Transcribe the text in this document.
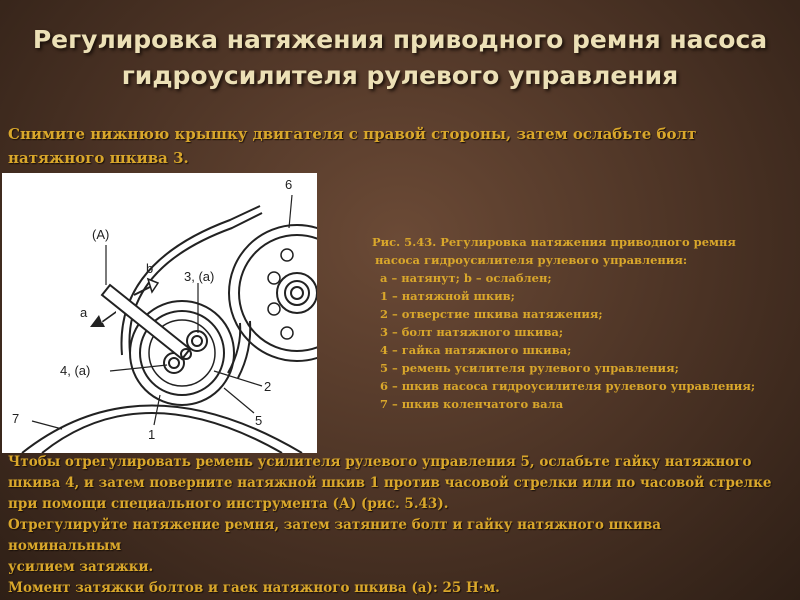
Регулировка натяжения приводного ремня насоса
гидроусилителя рулевого управления
Снимите нижнюю крышку двигателя с правой стороны, затем ослабьте болт
натяжного шкива 3.
(A)
b
a
3, (a)
4, (a)
6
2
5
1
7
Рис. 5.43. Регулировка натяжения приводного ремня
насоса гидроусилителя рулевого управления:
а – натянут; b – ослаблен;
1 – натяжной шкив;
2 – отверстие шкива натяжения;
3 – болт натяжного шкива;
4 – гайка натяжного шкива;
5 – ремень усилителя рулевого управления;
6 – шкив насоса гидроусилителя рулевого управления;
7 – шкив коленчатого вала

Чтобы отрегулировать ремень усилителя рулевого управления 5, ослабьте гайку натяжного

шкива 4, и затем поверните натяжной шкив 1 против часовой стрелки или по часовой стрелке

при помощи специального инструмента (А) (рис. 5.43).

Отрегулируйте натяжение ремня, затем затяните болт и гайку натяжного шкива номинальным

усилием затяжки.

Момент затяжки болтов и гаек натяжного шкива (а): 25 Н·м.
